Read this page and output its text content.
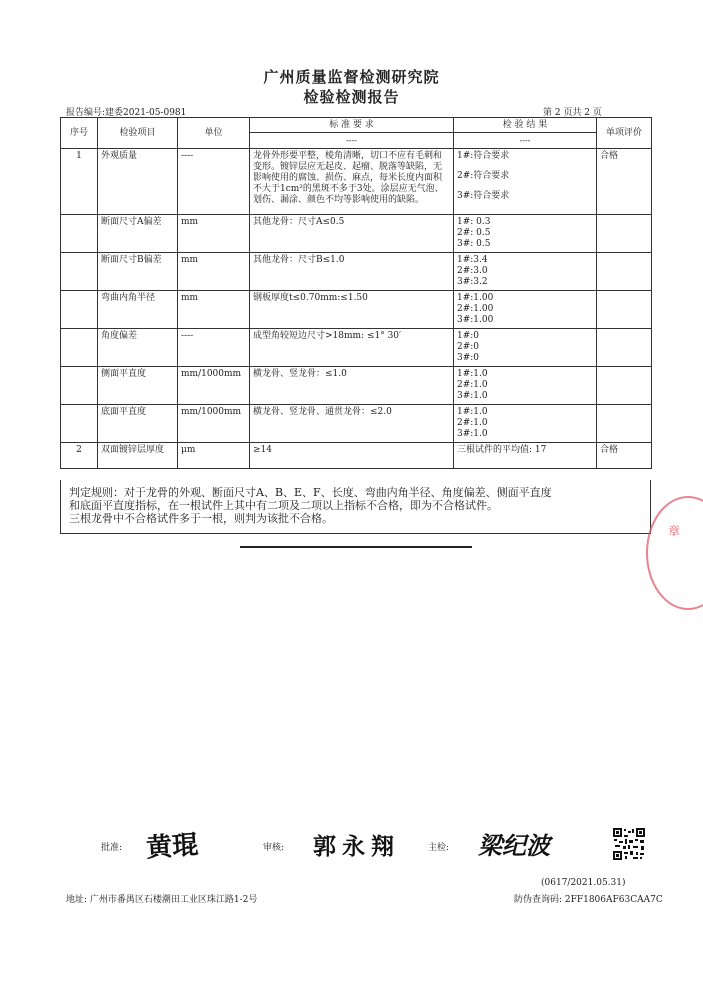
广州质量监督检测研究院
检验检测报告
报告编号:建委2021-05-0981	第 2 页共 2 页
序号	检验项目	单位	标 准 要 求
----	检 验 结 果
----	单项评价
1	外观质量	----	龙骨外形要平整，棱角清晰，切口不应有毛刺和变形。镀锌层应无起皮、起瘤、脱落等缺陷，无影响使用的腐蚀、损伤、麻点，每米长度内面积不大于1cm²的黑斑不多于3处。涂层应无气泡、划伤、漏涂、颜色不均等影响使用的缺陷。	1#:符合要求
2#:符合要求
3#:符合要求	合格
	断面尺寸A偏差	mm	其他龙骨：尺寸A≤0.5	1#: 0.3
2#: 0.5
3#: 0.5	

	断面尺寸B偏差	mm	其他龙骨：尺寸B≤1.0	1#:3.4
2#:3.0
3#:3.2	

	弯曲内角半径	mm	钢板厚度t≤0.70mm:≤1.50	1#:1.00
2#:1.00
3#:1.00	

	角度偏差	----	成型角较短边尺寸>18mm: ≤1° 30′	1#:0
2#:0
3#:0	

	侧面平直度	mm/1000mm	横龙骨、竖龙骨：≤1.0	1#:1.0
2#:1.0
3#:1.0	

	底面平直度	mm/1000mm	横龙骨、竖龙骨、通贯龙骨：≤2.0	1#:1.0
2#:1.0
3#:1.0	

2	双面镀锌层厚度	μm	≥14	三根试件的平均值: 17	合格
判定规则：对于龙骨的外观、断面尺寸A、B、E、F、长度、弯曲内角半径、角度偏差、侧面平直度
和底面平直度指标，在一根试件上其中有二项及二项以上指标不合格，即为不合格试件。
三根龙骨中不合格试件多于一根，则判为该批不合格。
章
批准: 黄琨	审核: 郭永翔	主检: 梁纪波
(0617/2021.05.31)
地址: 广州市番禺区石楼潮田工业区珠江路1-2号	防伪查询码: 2FF1806AF63CAA7C
